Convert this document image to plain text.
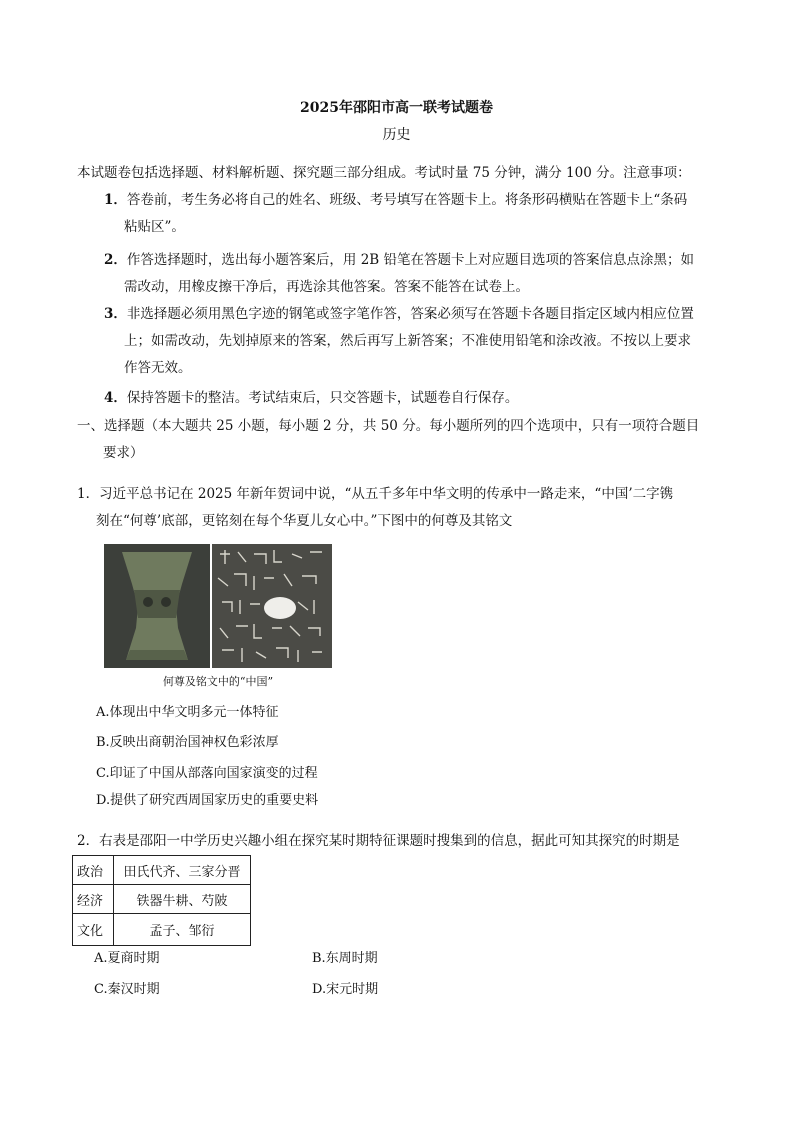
2025年邵阳市高一联考试题卷
历史
本试题卷包括选择题、材料解析题、探究题三部分组成。考试时量 75 分钟，满分 100 分。注意事项：
1．答卷前，考生务必将自己的姓名、班级、考号填写在答题卡上。将条形码横贴在答题卡上“条码
粘贴区”。
2．作答选择题时，选出每小题答案后，用 2B 铅笔在答题卡上对应题目选项的答案信息点涂黑；如
需改动，用橡皮擦干净后，再选涂其他答案。答案不能答在试卷上。
3．非选择题必须用黑色字迹的钢笔或签字笔作答，答案必须写在答题卡各题目指定区域内相应位置
上；如需改动，先划掉原来的答案，然后再写上新答案；不准使用铅笔和涂改液。不按以上要求
作答无效。
4．保持答题卡的整洁。考试结束后，只交答题卡，试题卷自行保存。
一、选择题（本大题共 25 小题，每小题 2 分，共 50 分。每小题所列的四个选项中，只有一项符合题目
要求）
1．习近平总书记在 2025 年新年贺词中说，“从五千多年中华文明的传承中一路走来，“中国’二字镌
刻在“何尊’底部，更铭刻在每个华夏儿女心中。”下图中的何尊及其铭文
何尊及铭文中的“中国”
A.体现出中华文明多元一体特征
B.反映出商朝治国神权色彩浓厚
C.印证了中国从部落向国家演变的过程
D.提供了研究西周国家历史的重要史料
2．右表是邵阳一中学历史兴趣小组在探究某时期特征课题时搜集到的信息，据此可知其探究的时期是
政治	田氏代齐、三家分晋
经济	铁器牛耕、芍陂
文化	孟子、邹衍
A.夏商时期	B.东周时期
C.秦汉时期	D.宋元时期
